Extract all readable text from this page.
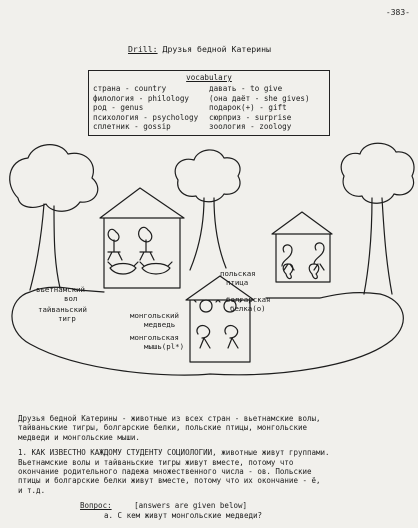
-383-
Drill: Друзья бедной Катерины
vocabulary
страна - country
филология - philology
род - genus
психология - psychology
сплетник - gossip
давать - to give
(она даёт - she gives)
подарок(+) - gift
сюрприз - surprise
зоология - zoology
вьетнамский
вол
тайваньский
тигр
польская
птица
болгарская
белка(о)
монгольский
медведь
монгольская
мышь(pl*)

Друзья бедной Катерины - животные из всех стран - вьетнамские волы,
тайваньские тигры, болгарские белки, польские птицы, монгольские
медведи и монгольские мыши.

1. КАК ИЗВЕСТНО КАЖДОМУ СТУДЕНТУ СОЦИОЛОГИИ, животные живут группами.
Вьетнамские волы и тайваньские тигры живут вместе, потому что
окончание родительного падежа множественного числа - ов. Польские
птицы и болгарские белки живут вместе, потому что их окончание - ё,
и т.д.

Вопрос:	[answers are given below]
а. С кем живут монгольские медведи?
